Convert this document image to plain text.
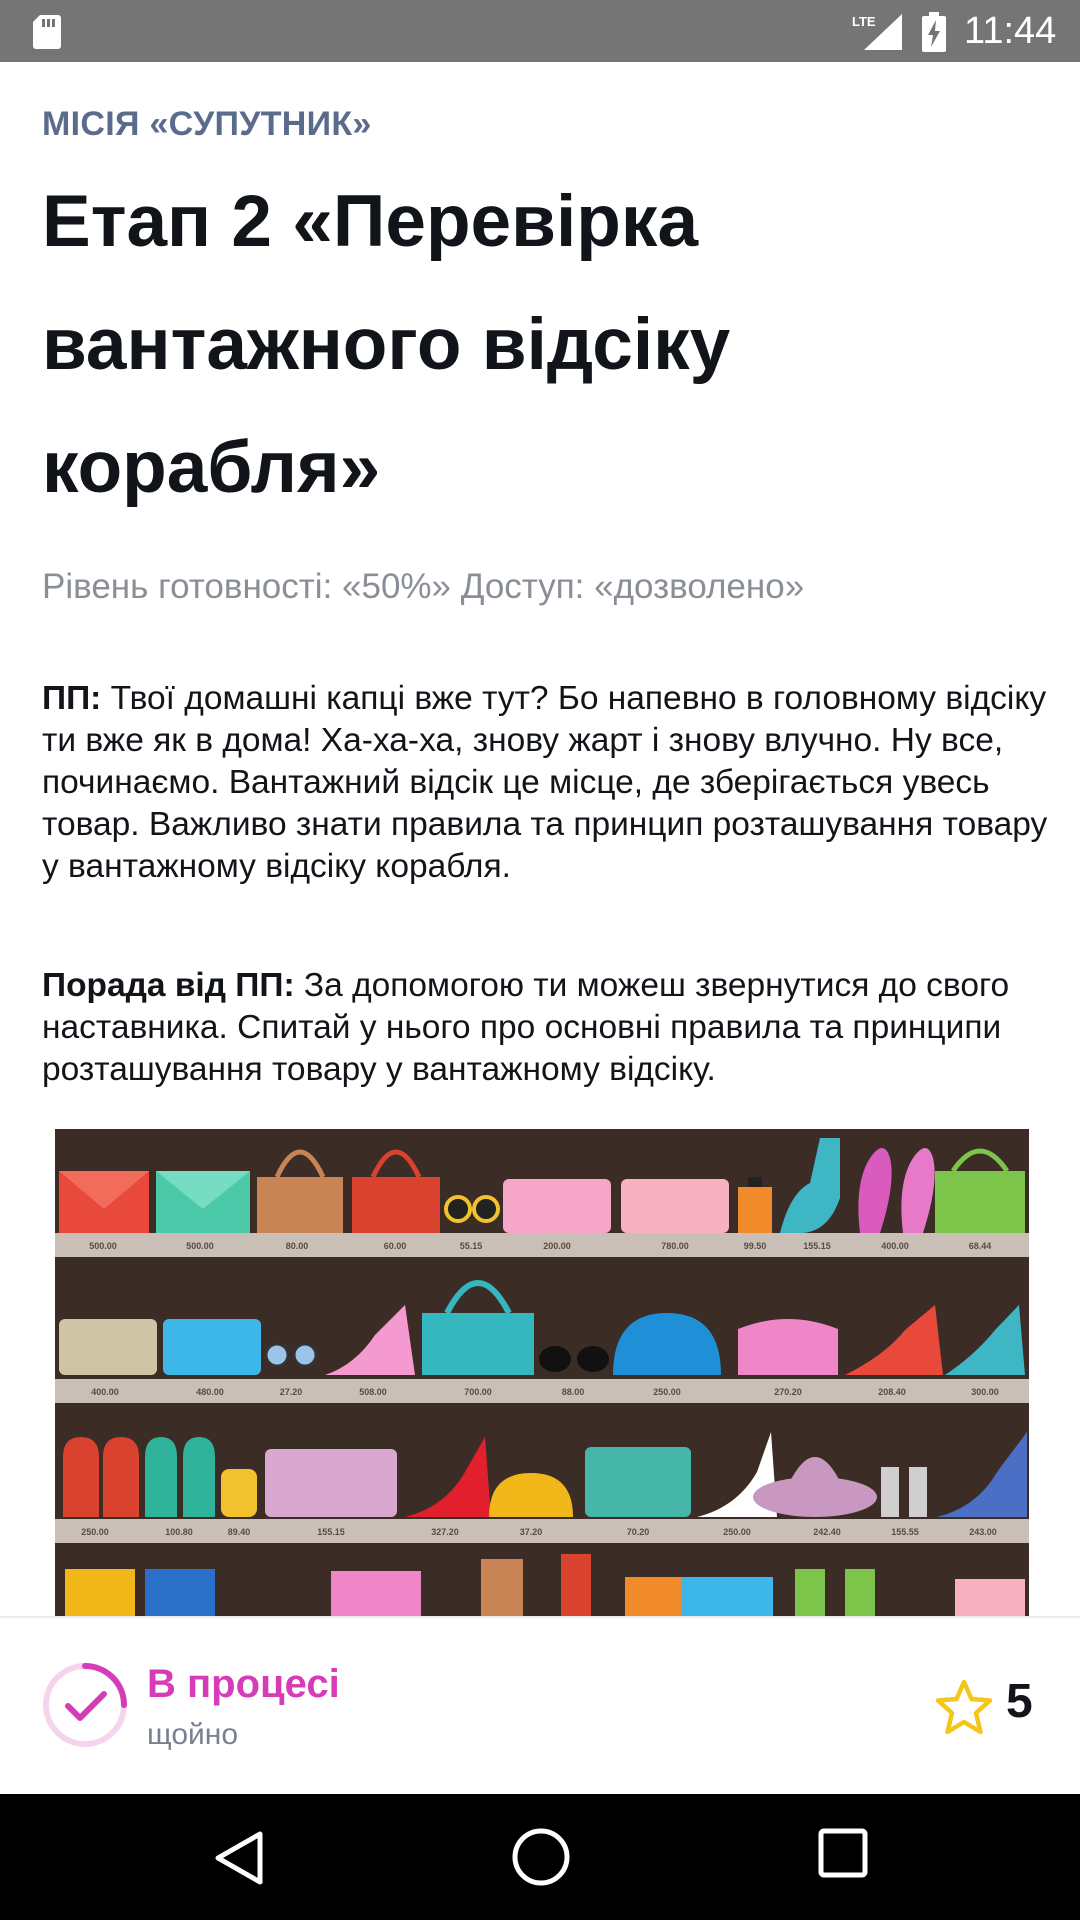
LTE 11:44
МІСІЯ «СУПУТНИК»
Етап 2 «Перевірка вантажного відсіку корабля»
Рівень готовності: «50%» Доступ: «дозволено»

ПП: Твої домашні капці вже тут? Бо напевно в головному відсіку ти вже як в дома! Ха-ха-ха, знову жарт і знову влучно. Ну все, починаємо. Вантажний відсік це місце, де зберігається увесь товар. Важливо знати правила та принцип розташування товару у вантажному відсіку корабля.

Порада від ПП: За допомогою ти можеш звернутися до свого наставника. Спитай у нього про основні правила та принципи розташування товару у вантажному відсіку.

500.00	500.00	80.00	60.00	55.15	200.00	780.00	99.50	155.15	400.00	68.44
400.00	480.00	27.20	508.00	700.00	88.00	250.00	270.20	208.40	300.00
250.00	100.80	89.40	155.15	327.20	37.20	70.20	250.00	242.40	155.55	243.00
В процесі
щойно
5
